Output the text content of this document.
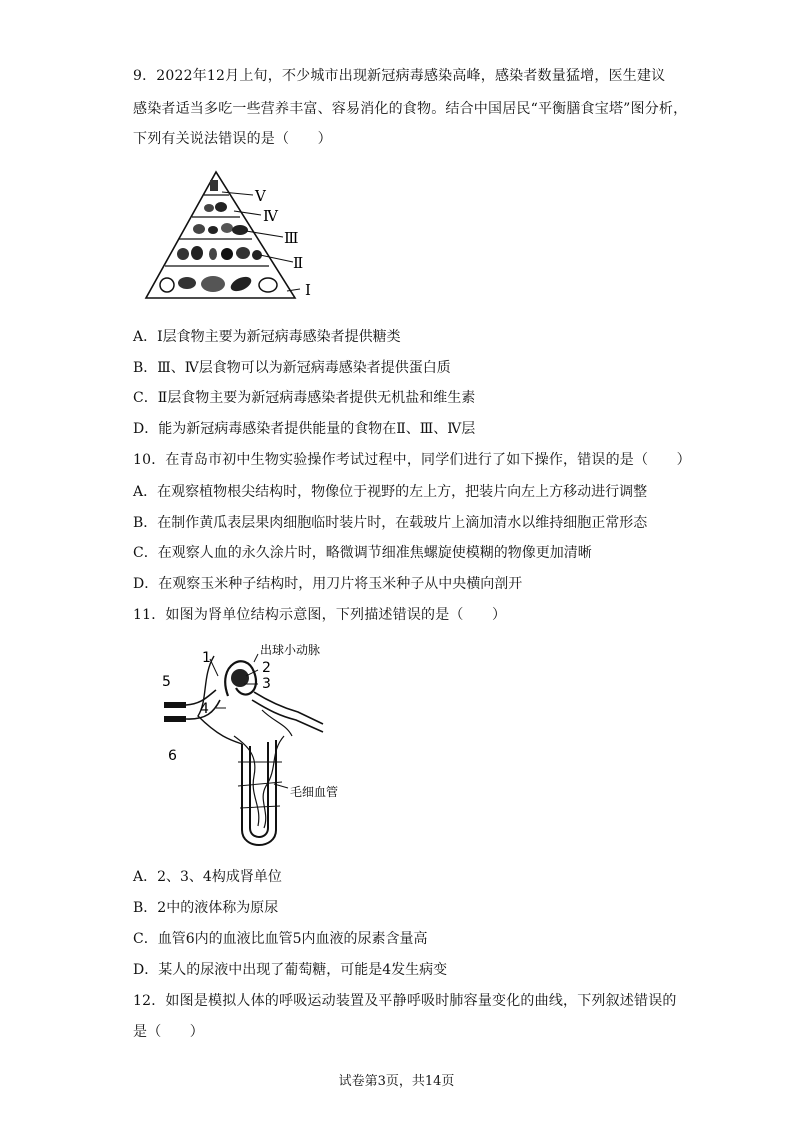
9．2022年12月上旬，不少城市出现新冠病毒感染高峰，感染者数量猛增，医生建议
感染者适当多吃一些营养丰富、容易消化的食物。结合中国居民“平衡膳食宝塔”图分析，
下列有关说法错误的是（　　）
V
Ⅳ
Ⅲ
Ⅱ
I
A．Ⅰ层食物主要为新冠病毒感染者提供糖类
B．Ⅲ、Ⅳ层食物可以为新冠病毒感染者提供蛋白质
C．Ⅱ层食物主要为新冠病毒感染者提供无机盐和维生素
D．能为新冠病毒感染者提供能量的食物在Ⅱ、Ⅲ、Ⅳ层
10．在青岛市初中生物实验操作考试过程中，同学们进行了如下操作，错误的是（　　）
A．在观察植物根尖结构时，物像位于视野的左上方，把装片向左上方移动进行调整
B．在制作黄瓜表层果肉细胞临时装片时，在载玻片上滴加清水以维持细胞正常形态
C．在观察人血的永久涂片时，略微调节细准焦螺旋使模糊的物像更加清晰
D．在观察玉米种子结构时，用刀片将玉米种子从中央横向剖开
11．如图为肾单位结构示意图，下列描述错误的是（　　）
1
2
3
4
5
6
出球小动脉
毛细血管
A．2、3、4构成肾单位
B．2中的液体称为原尿
C．血管6内的血液比血管5内血液的尿素含量高
D．某人的尿液中出现了葡萄糖，可能是4发生病变
12．如图是模拟人体的呼吸运动装置及平静呼吸时肺容量变化的曲线，下列叙述错误的
是（　　）
试卷第3页，共14页
